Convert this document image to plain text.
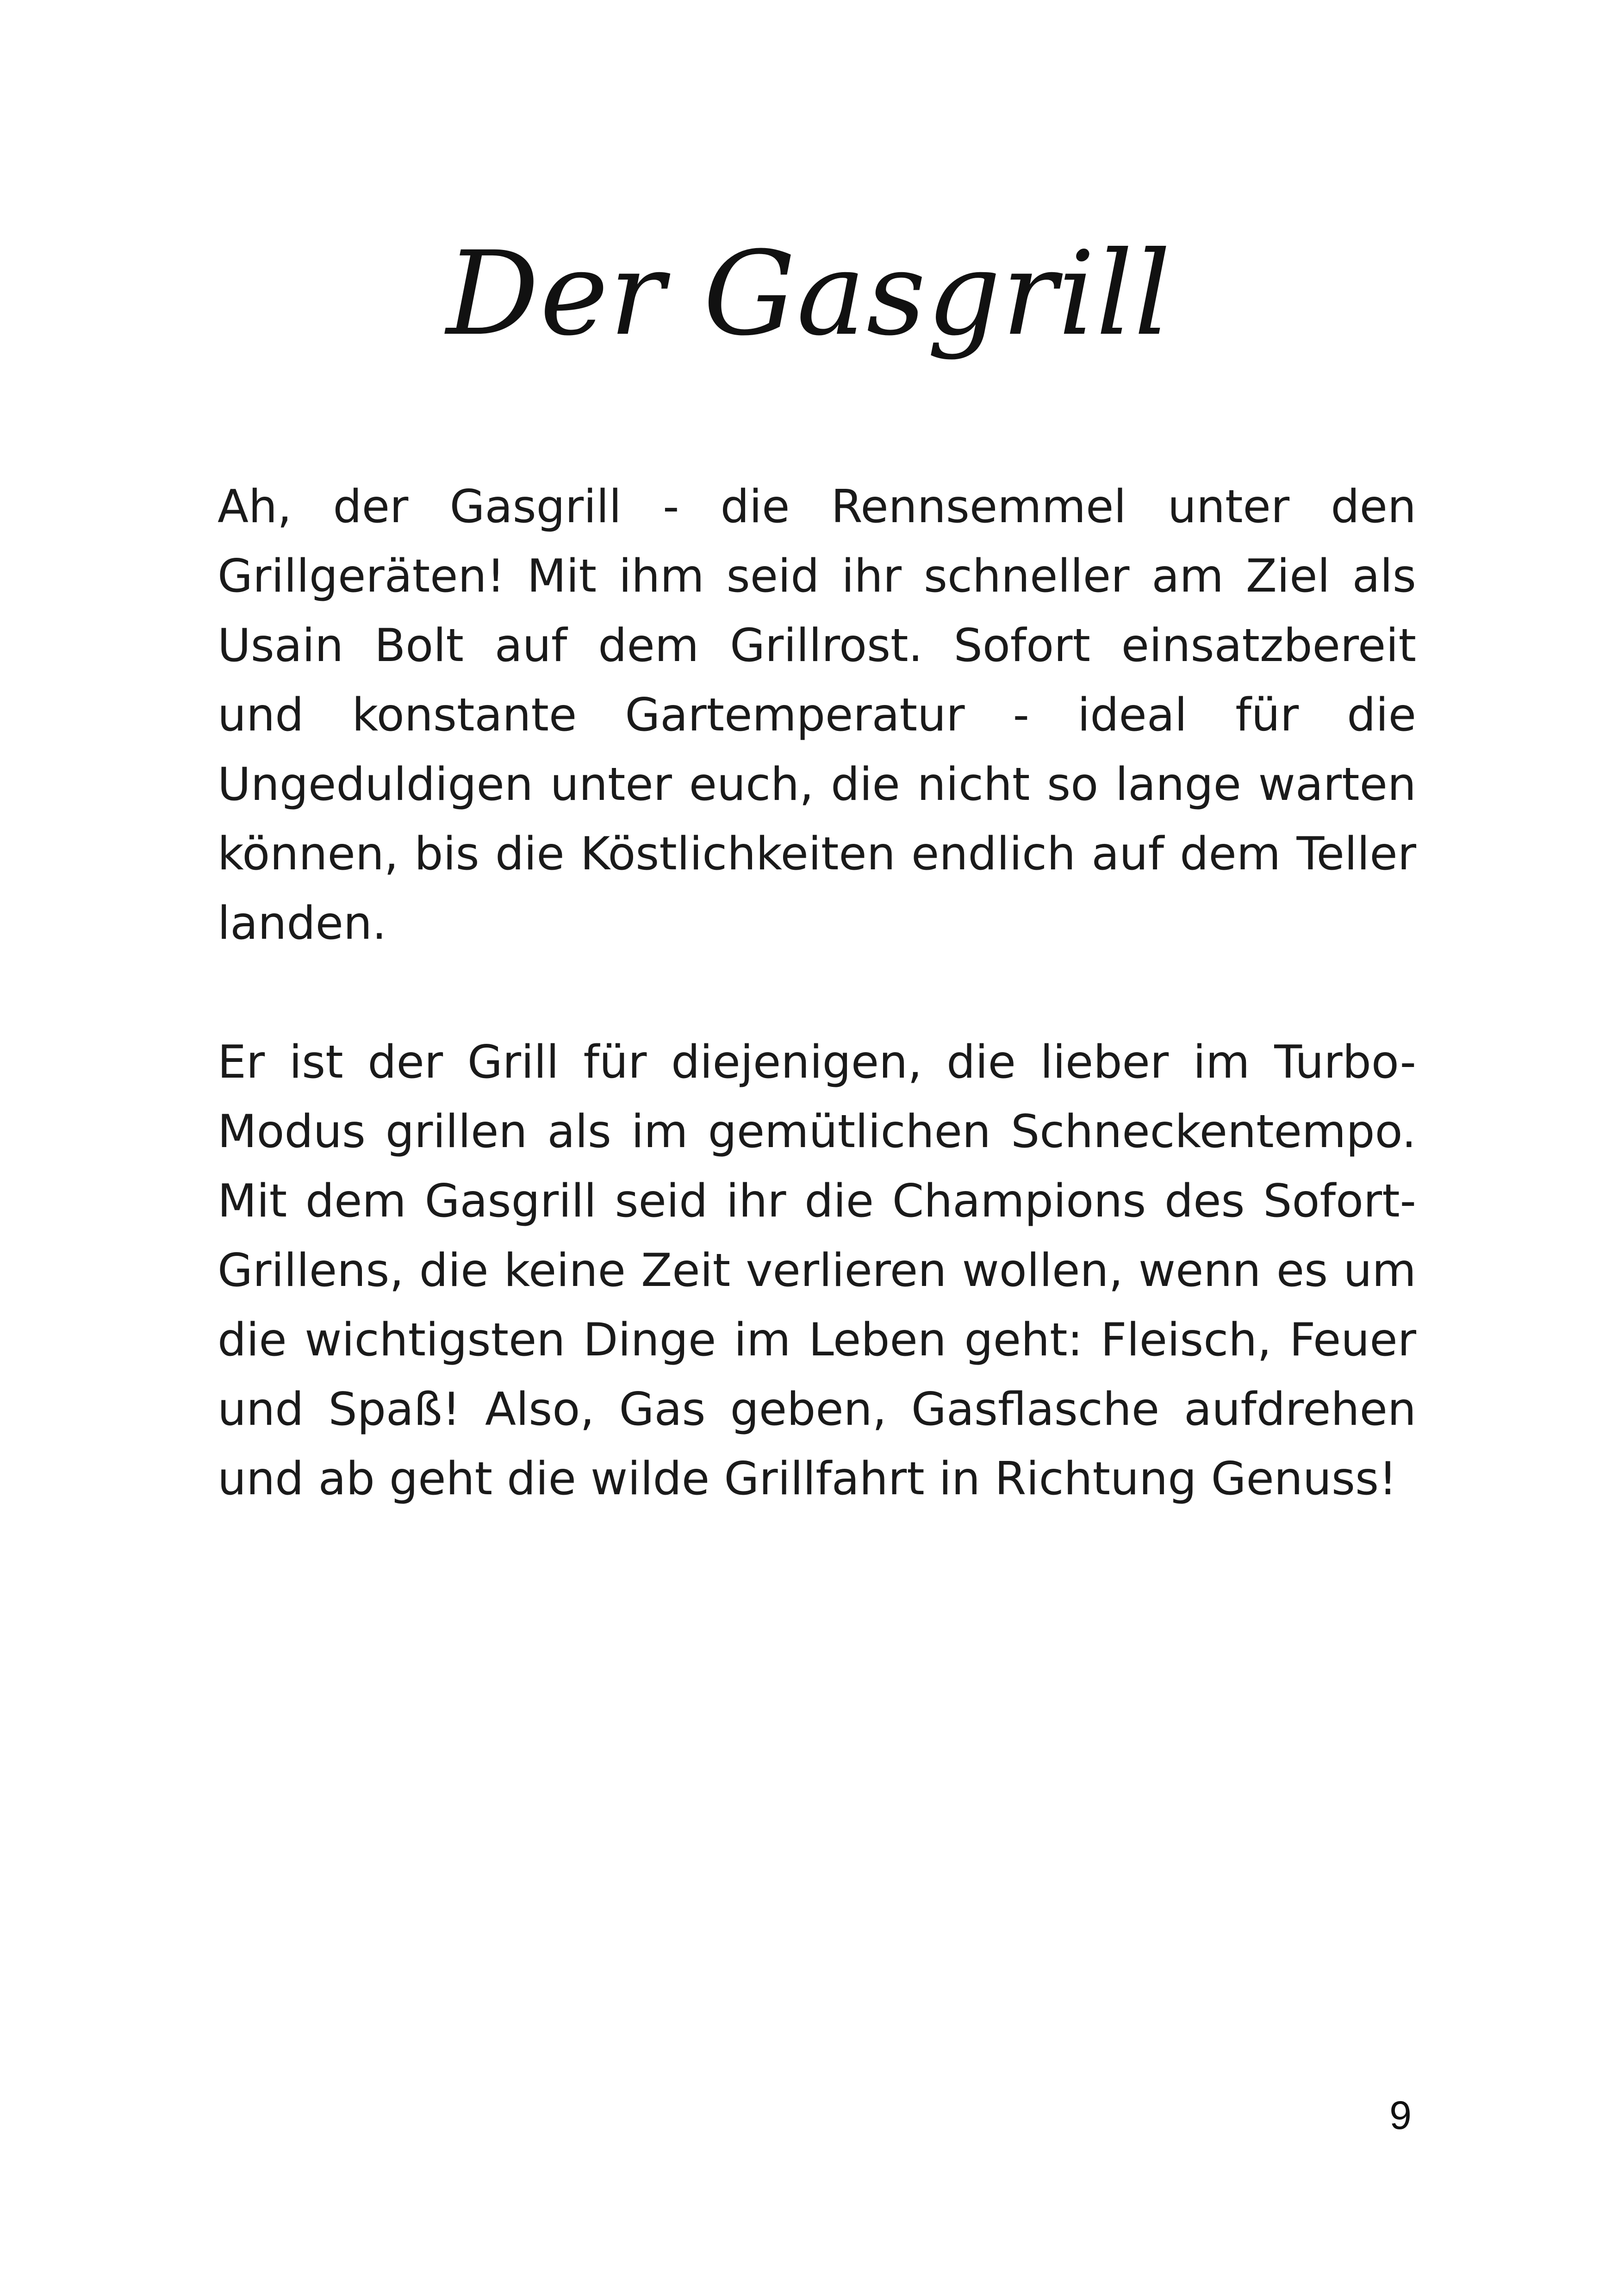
Der Gasgrill

Ah, der Gasgrill - die Rennsemmel unter den Grillgeräten! Mit ihm seid ihr schneller am Ziel als Usain Bolt auf dem Grillrost. Sofort einsatzbereit und konstante Gartemperatur - ideal für die Ungeduldigen unter euch, die nicht so lange warten können, bis die Köstlichkeiten endlich auf dem Teller landen.

Er ist der Grill für diejenigen, die lieber im Turbo-Modus grillen als im gemütlichen Schneckentempo. Mit dem Gasgrill seid ihr die Champions des Sofort-Grillens, die keine Zeit verlieren wollen, wenn es um die wichtigsten Dinge im Leben geht: Fleisch, Feuer und Spaß! Also, Gas geben, Gasflasche aufdrehen und ab geht die wilde Grillfahrt in Richtung Genuss!

9
